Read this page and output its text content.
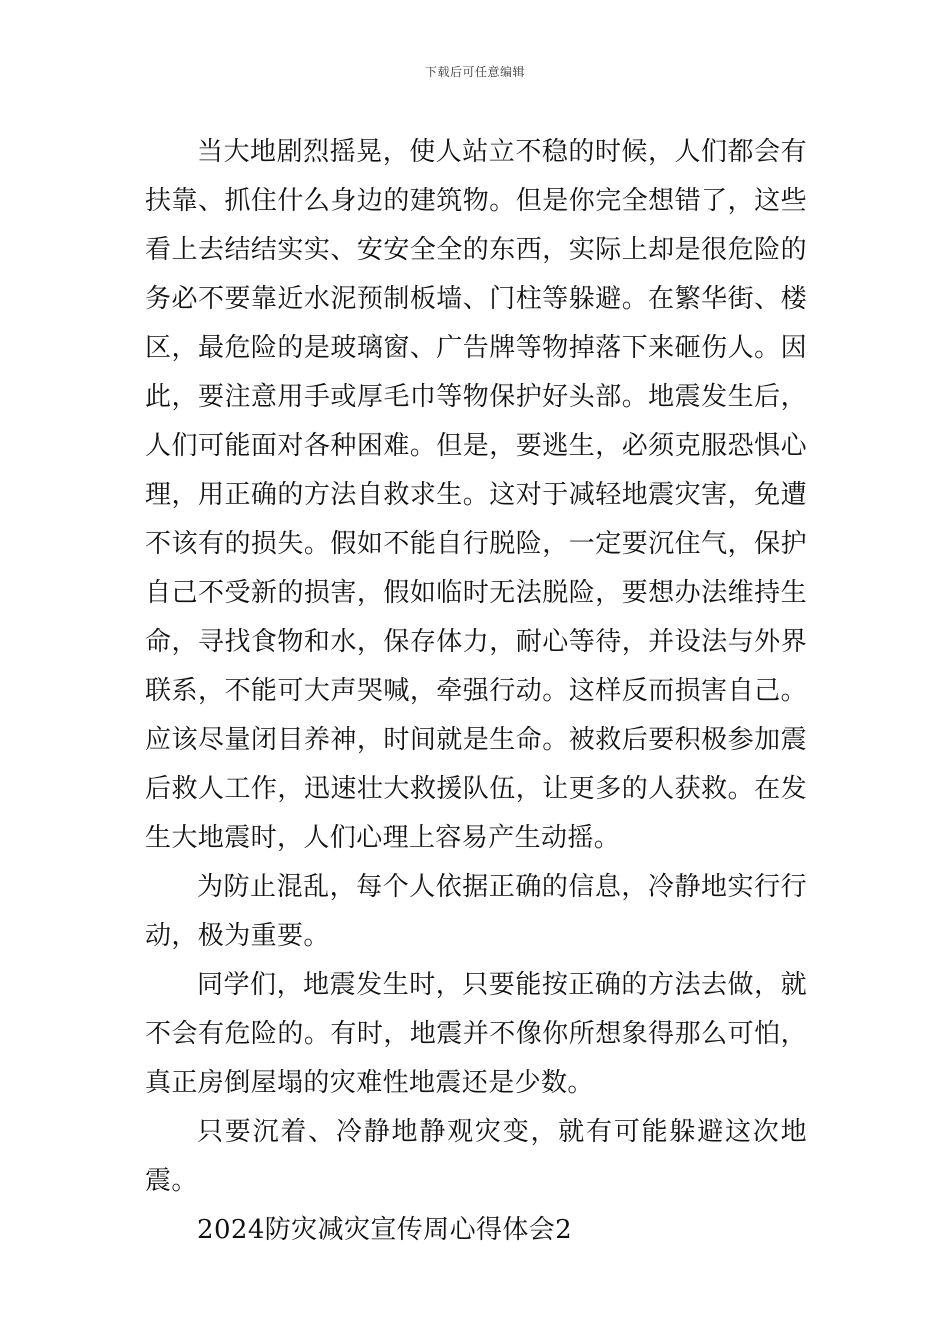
下载后可任意编辑

当大地剧烈摇晃，使人站立不稳的时候，人们都会有扶靠、抓住什么身边的建筑物。但是你完全想错了，这些看上去结结实实、安安全全的东西，实际上却是很危险的务必不要靠近水泥预制板墙、门柱等躲避。在繁华街、楼区，最危险的是玻璃窗、广告牌等物掉落下来砸伤人。因此，要注意用手或厚毛巾等物保护好头部。地震发生后，人们可能面对各种困难。但是，要逃生，必须克服恐惧心理，用正确的方法自救求生。这对于减轻地震灾害，免遭不该有的损失。假如不能自行脱险，一定要沉住气，保护自己不受新的损害，假如临时无法脱险，要想办法维持生命，寻找食物和水，保存体力，耐心等待，并设法与外界联系，不能可大声哭喊，牵强行动。这样反而损害自己。应该尽量闭目养神，时间就是生命。被救后要积极参加震后救人工作，迅速壮大救援队伍，让更多的人获救。在发生大地震时，人们心理上容易产生动摇。

为防止混乱，每个人依据正确的信息，冷静地实行行动，极为重要。

同学们，地震发生时，只要能按正确的方法去做，就不会有危险的。有时，地震并不像你所想象得那么可怕，真正房倒屋塌的灾难性地震还是少数。

只要沉着、冷静地静观灾变，就有可能躲避这次地震。

2024防灾减灾宣传周心得体会2
